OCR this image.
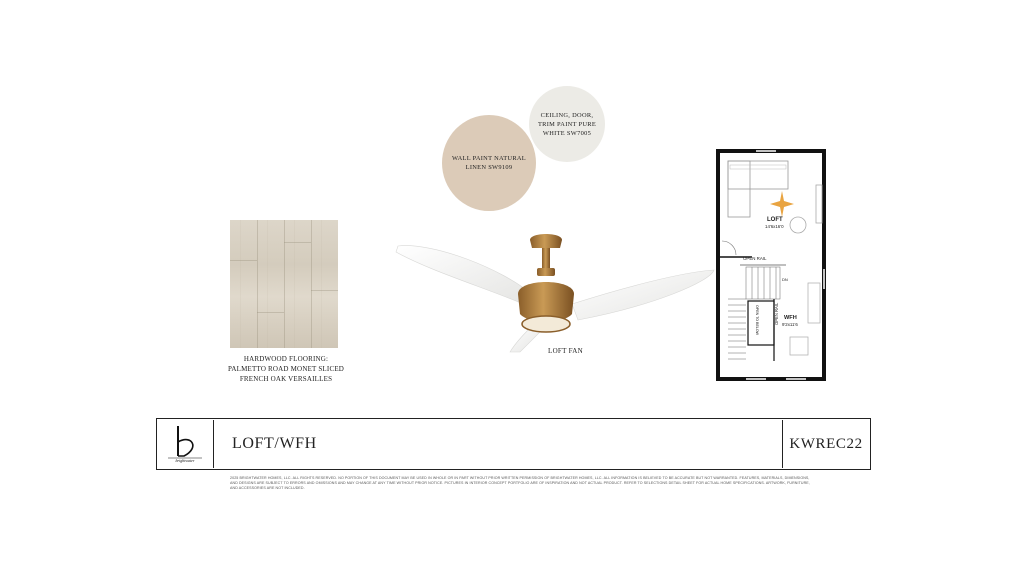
HARDWOOD FLOORING:
PALMETTO ROAD MONET SLICED
FRENCH OAK VERSAILLES
WALL PAINT NATURAL
LINEN SW9109
CEILING, DOOR,
TRIM PAINT PURE
WHITE SW7005
LOFT FAN
LOFT
14'6x16'0
OPEN RAIL
DN
OPEN TO BELOW	OPEN RAIL WFH
9'2x11'6
brightwater
LOFT/WFH	KWREC22
2025 BRIGHTWATER HOMES, LLC. ALL RIGHTS RESERVED. NO PORTION OF THIS DOCUMENT MAY BE USED IN WHOLE OR IN PART WITHOUT PRIOR WRITTEN PERMISSION OF BRIGHTWATER HOMES, LLC. ALL INFORMATION IS BELIEVED TO BE ACCURATE BUT NOT WARRANTED. FEATURES, MATERIALS, DIMENSIONS, AND DESIGNS ARE SUBJECT TO ERRORS AND OMISSIONS AND MAY CHANGE AT ANY TIME WITHOUT PRIOR NOTICE. PICTURES IN INTERIOR CONCEPT PORTFOLIO ARE OF INSPIRATION AND NOT ACTUAL PRODUCT. REFER TO SELECTIONS DETAIL SHEET FOR ACTUAL HOME SPECIFICATIONS. ARTWORK, FURNITURE, AND ACCESSORIES ARE NOT INCLUDED.
